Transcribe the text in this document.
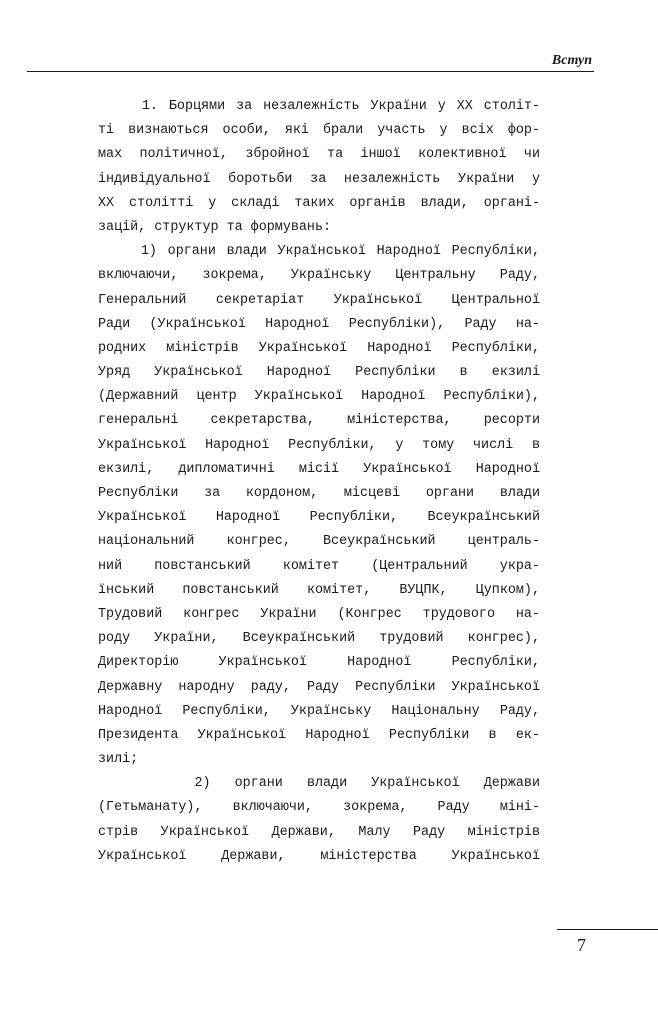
Вступ
1. Борцями за незалежність України у ХХ століт-
ті визнаються особи, які брали участь у всіх фор-
мах політичної, збройної та іншої колективної чи
індивідуальної боротьби за незалежність України у
ХХ столітті у складі таких органів влади, органі-
зацій, структур та формувань:
1) органи влади Української Народної Республіки,
включаючи, зокрема, Українську Центральну Раду,
Генеральний секретаріат Української Центральної
Ради (Української Народної Республіки), Раду на-
родних міністрів Української Народної Республіки,
Уряд Української Народної Республіки в екзилі
(Державний центр Української Народної Республіки),
генеральні секретарства, міністерства, ресорти
Української Народної Республіки, у тому числі в
екзилі, дипломатичні місії Української Народної
Республіки за кордоном, місцеві органи влади
Української Народної Республіки, Всеукраїнський
національний конгрес, Всеукраїнський централь-
ний повстанський комітет (Центральний укра-
їнський повстанський комітет, ВУЦПК, Цупком),
Трудовий конгрес України (Конгрес трудового на-
роду України, Всеукраїнський трудовий конгрес),
Директорію Української Народної Республіки,
Державну народну раду, Раду Республіки Української
Народної Республіки, Українську Національну Раду,
Президента Української Народної Республіки в ек-
зилі;
2) органи влади Української Держави
(Гетьманату), включаючи, зокрема, Раду міні-
стрів Української Держави, Малу Раду міністрів
Української Держави, міністерства Української
7
